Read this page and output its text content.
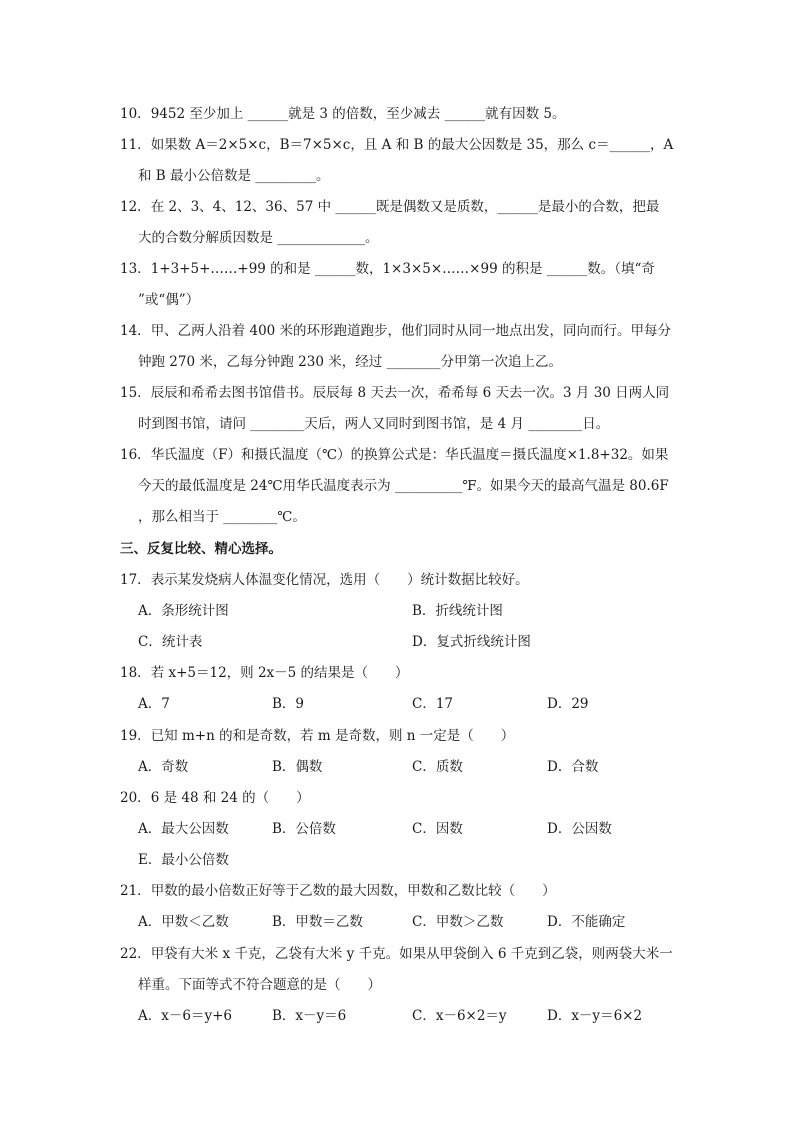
10．9452 至少加上 ______就是 3 的倍数，至少减去 ______就有因数 5。
11．如果数 A＝2×5×c，B＝7×5×c，且 A 和 B 的最大公因数是 35，那么 c＝______，A
和 B 最小公倍数是 _________。
12．在 2、3、4、12、36、57 中 ______既是偶数又是质数，______是最小的合数，把最
大的合数分解质因数是 _____________。
13．1+3+5+……+99 的和是 ______数，1×3×5×……×99 的积是 ______数。（填“奇
”或“偶”）
14．甲、乙两人沿着 400 米的环形跑道跑步，他们同时从同一地点出发，同向而行。甲每分
钟跑 270 米，乙每分钟跑 230 米，经过 ________分甲第一次追上乙。
15．辰辰和希希去图书馆借书。辰辰每 8 天去一次，希希每 6 天去一次。3 月 30 日两人同
时到图书馆，请问 ________天后，两人又同时到图书馆，是 4 月 ________日。
16．华氏温度（F）和摄氏温度（℃）的换算公式是：华氏温度＝摄氏温度×1.8+32。如果
今天的最低温度是 24℃用华氏温度表示为 __________℉。如果今天的最高气温是 80.6F
，那么相当于 ________℃。
三、反复比较、精心选择。
17．表示某发烧病人体温变化情况，选用（　　）统计数据比较好。
A．条形统计图	B．折线统计图
C．统计表	D．复式折线统计图
18．若 x+5＝12，则 2x－5 的结果是（　　）
A．7	B．9	C．17	D．29
19．已知 m+n 的和是奇数，若 m 是奇数，则 n 一定是（　　）
A．奇数	B．偶数	C．质数	D．合数
20．6 是 48 和 24 的（　　）
A．最大公因数	B．公倍数	C．因数	D．公因数
E．最小公倍数
21．甲数的最小倍数正好等于乙数的最大因数，甲数和乙数比较（　　）
A．甲数＜乙数	B．甲数＝乙数	C．甲数＞乙数	D．不能确定
22．甲袋有大米 x 千克，乙袋有大米 y 千克。如果从甲袋倒入 6 千克到乙袋，则两袋大米一
样重。下面等式不符合题意的是（　　）
A．x－6＝y+6	B．x－y＝6	C．x－6×2＝y	D．x－y＝6×2
